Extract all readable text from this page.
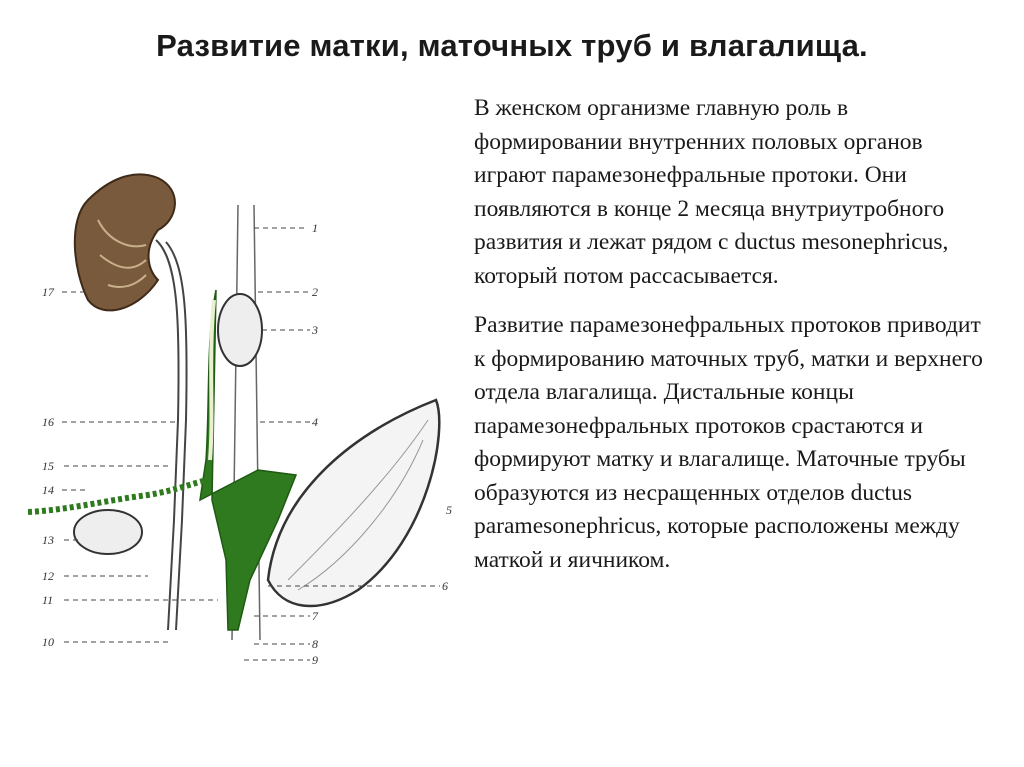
Развитие матки, маточных труб и влагалища.
1
2
3
4
5
6
7
8
9
17
16
15
14
13
12
11
10

В женском организме главную роль в формировании внутренних половых органов играют парамезонефральные протоки. Они появляются в конце 2 месяца внутриутробного развития и лежат рядом с ductus mesonephricus, который потом рассасывается.

Развитие парамезонефральных протоков приводит к формированию маточных труб, матки и верхнего отдела влагалища. Дистальные концы парамезонефральных протоков срастаются и формируют матку и влагалище. Маточные трубы образуются из несращенных отделов ductus paramesonephricus, которые расположены между маткой и яичником.
